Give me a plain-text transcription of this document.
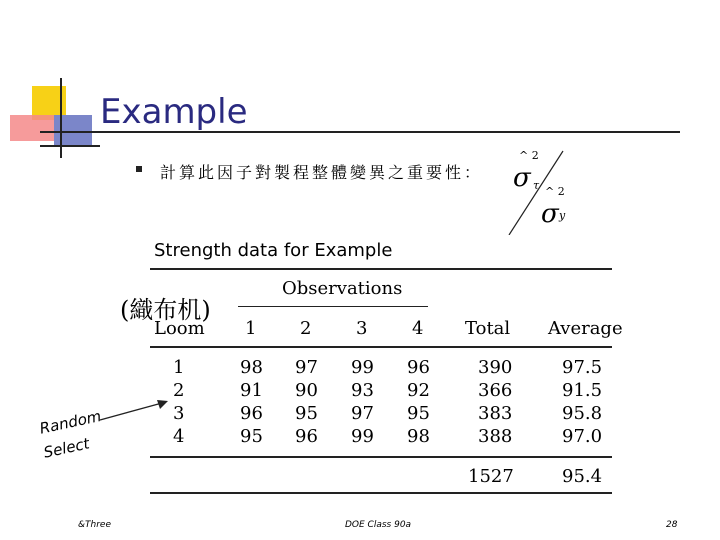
Example
計算此因子對製程整體變異之重要性：
^ 2
σ τ ^ 2
σ y
Strength data for Example
Observations
Loom 1 2 3 4 Total Average
1	98 97 99 96	390	97.5
2	91 90 93 92	366	91.5
3	96 95 97 95	383	95.8
4	95 96 99 98	388	97.0
1527	95.4
(織布机)
Random
Select
&Three	DOE Class 90a	28
